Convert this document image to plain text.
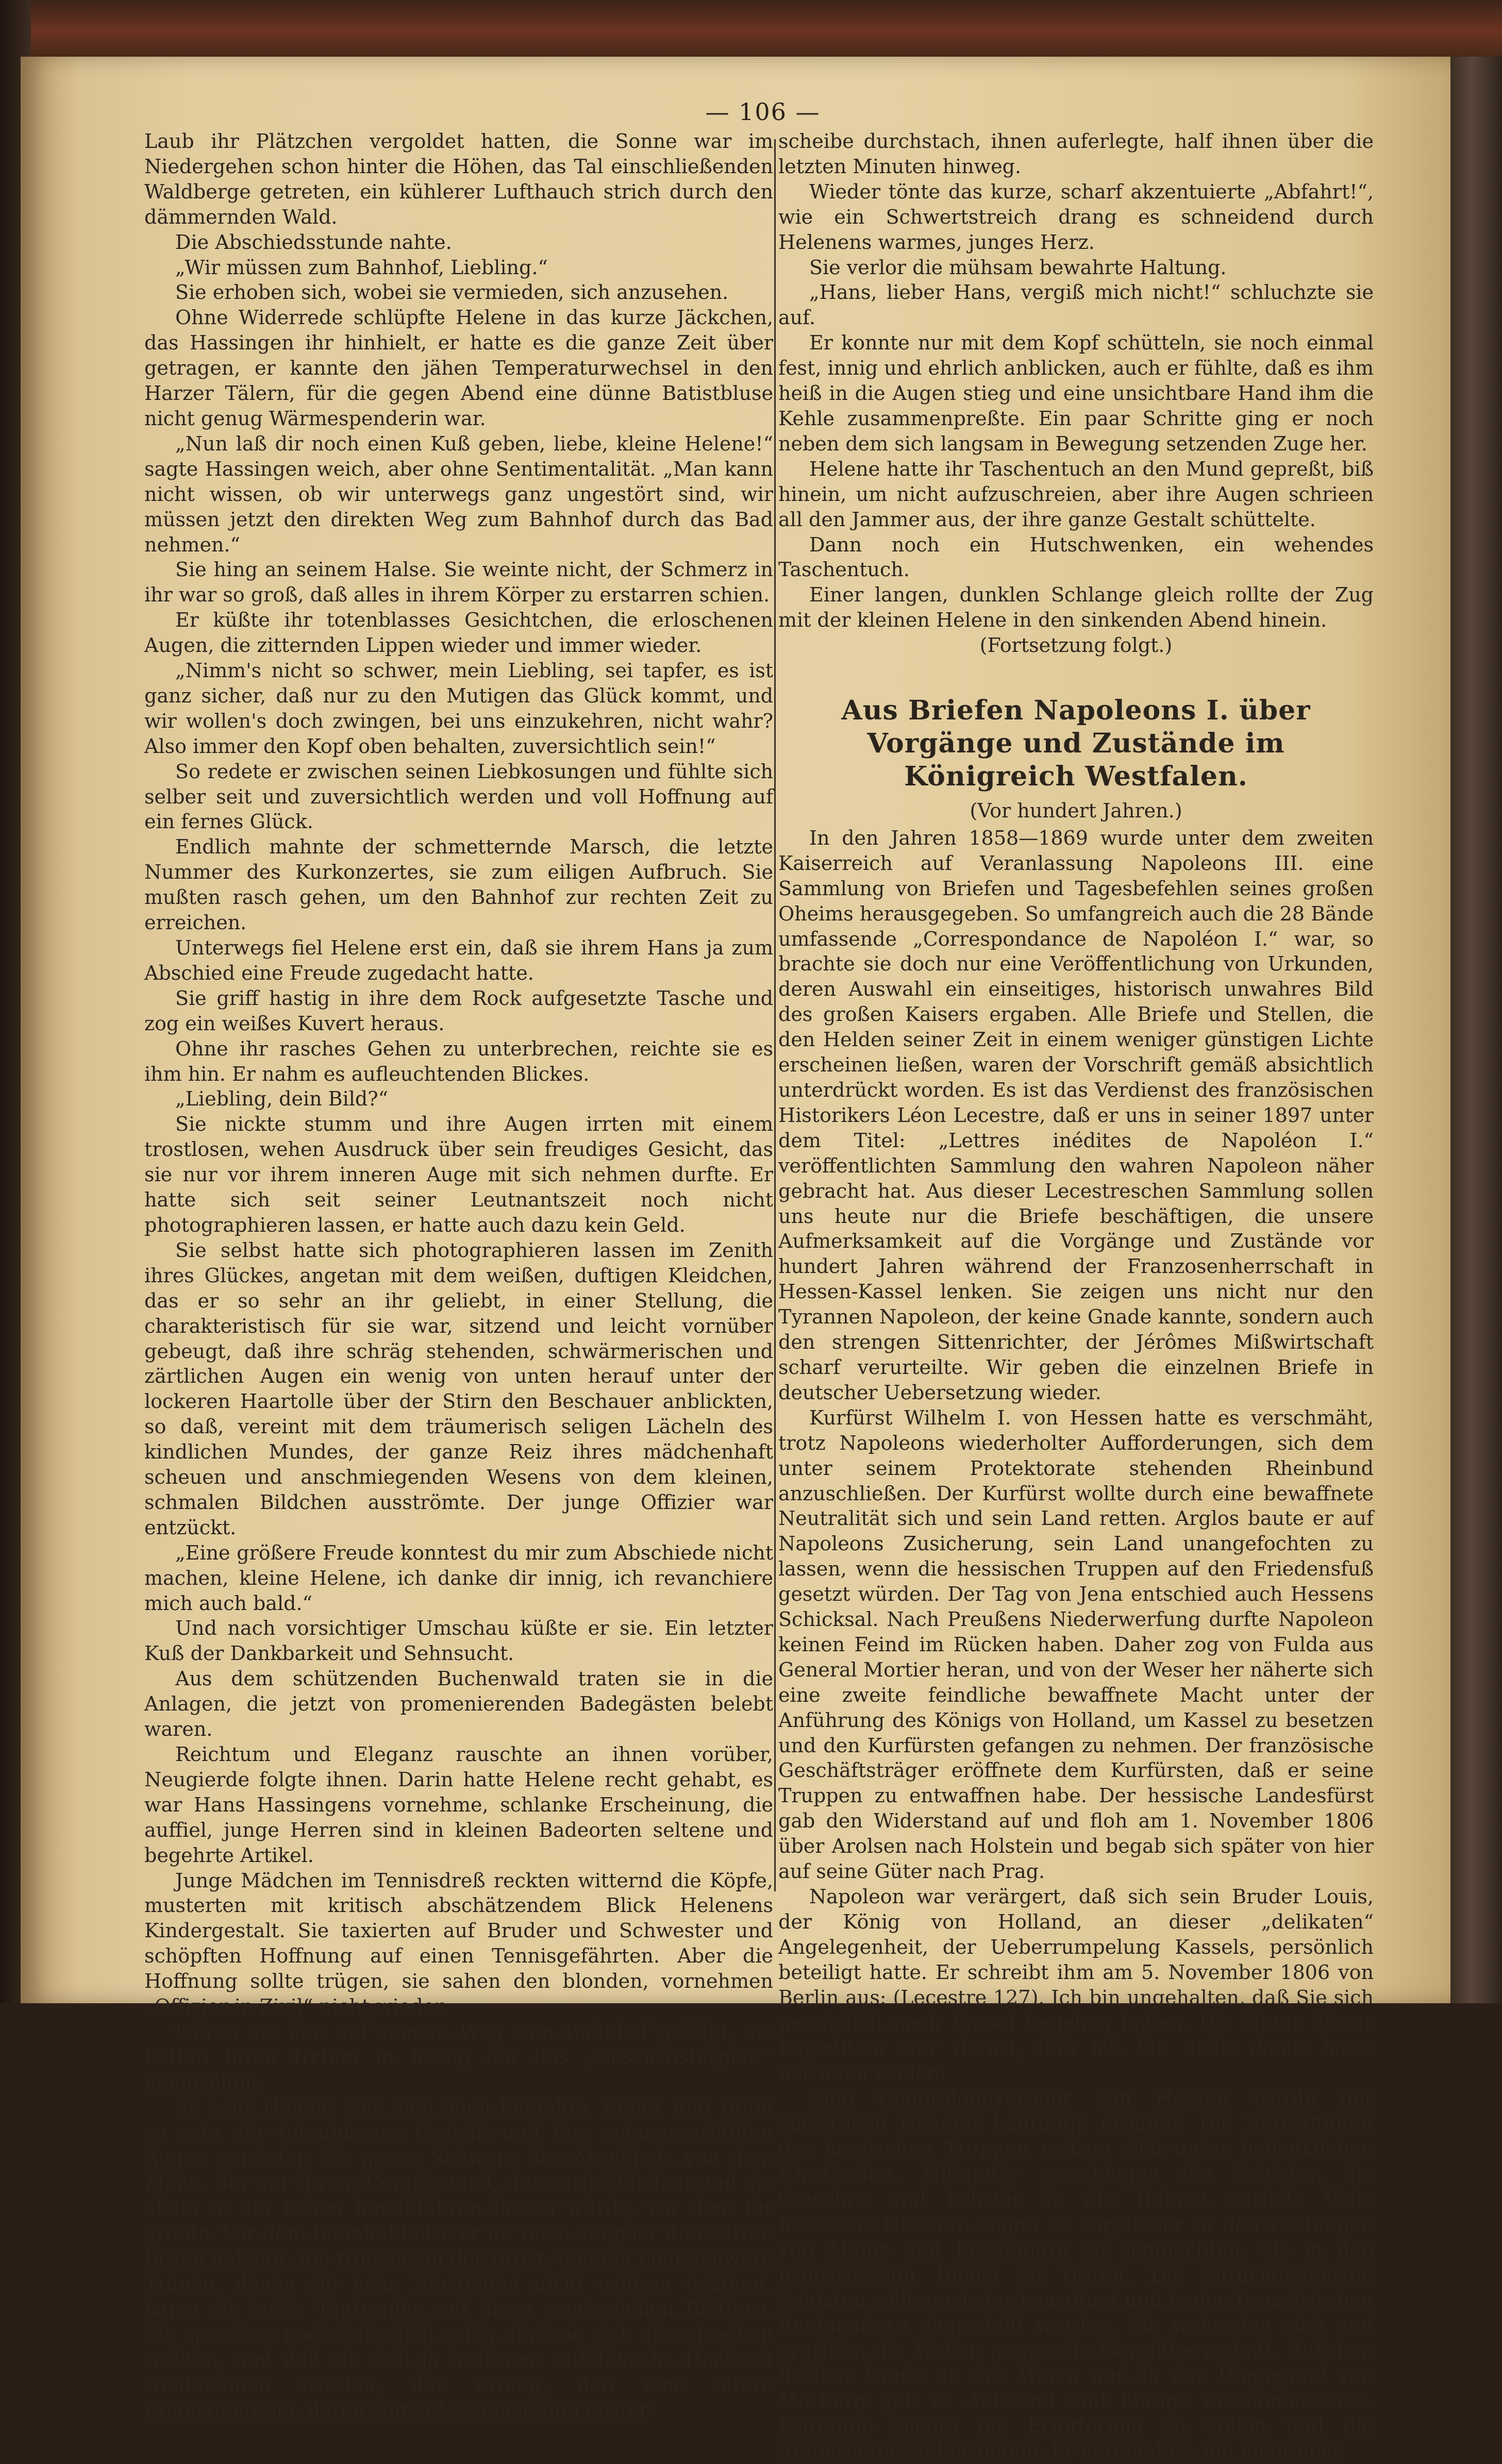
— 106 —

Laub ihr Plätzchen vergoldet hatten, die Sonne war im Niedergehen schon hinter die Höhen, das Tal einschließenden Waldberge getreten, ein kühlerer Lufthauch strich durch den dämmernden Wald.

Die Abschiedsstunde nahte.

„Wir müssen zum Bahnhof, Liebling.“

Sie erhoben sich, wobei sie vermieden, sich anzusehen.

Ohne Widerrede schlüpfte Helene in das kurze Jäckchen, das Hassingen ihr hinhielt, er hatte es die ganze Zeit über getragen, er kannte den jähen Temperaturwechsel in den Harzer Tälern, für die gegen Abend eine dünne Batistbluse nicht genug Wärmespenderin war.

„Nun laß dir noch einen Kuß geben, liebe, kleine Helene!“ sagte Hassingen weich, aber ohne Sentimentalität. „Man kann nicht wissen, ob wir unterwegs ganz ungestört sind, wir müssen jetzt den direkten Weg zum Bahnhof durch das Bad nehmen.“

Sie hing an seinem Halse. Sie weinte nicht, der Schmerz in ihr war so groß, daß alles in ihrem Körper zu erstarren schien.

Er küßte ihr totenblasses Gesichtchen, die erloschenen Augen, die zitternden Lippen wieder und immer wieder.

„Nimm's nicht so schwer, mein Liebling, sei tapfer, es ist ganz sicher, daß nur zu den Mutigen das Glück kommt, und wir wollen's doch zwingen, bei uns einzukehren, nicht wahr? Also immer den Kopf oben behalten, zuversichtlich sein!“

So redete er zwischen seinen Liebkosungen und fühlte sich selber seit und zuversichtlich werden und voll Hoffnung auf ein fernes Glück.

Endlich mahnte der schmetternde Marsch, die letzte Nummer des Kurkonzertes, sie zum eiligen Aufbruch. Sie mußten rasch gehen, um den Bahnhof zur rechten Zeit zu erreichen.

Unterwegs fiel Helene erst ein, daß sie ihrem Hans ja zum Abschied eine Freude zugedacht hatte.

Sie griff hastig in ihre dem Rock aufgesetzte Tasche und zog ein weißes Kuvert heraus.

Ohne ihr rasches Gehen zu unterbrechen, reichte sie es ihm hin. Er nahm es aufleuchtenden Blickes.

„Liebling, dein Bild?“

Sie nickte stumm und ihre Augen irrten mit einem trostlosen, wehen Ausdruck über sein freudiges Gesicht, das sie nur vor ihrem inneren Auge mit sich nehmen durfte. Er hatte sich seit seiner Leutnantszeit noch nicht photographieren lassen, er hatte auch dazu kein Geld.

Sie selbst hatte sich photographieren lassen im Zenith ihres Glückes, angetan mit dem weißen, duftigen Kleidchen, das er so sehr an ihr geliebt, in einer Stellung, die charakteristisch für sie war, sitzend und leicht vornüber gebeugt, daß ihre schräg stehenden, schwärmerischen und zärtlichen Augen ein wenig von unten herauf unter der lockeren Haartolle über der Stirn den Beschauer anblickten, so daß, vereint mit dem träumerisch seligen Lächeln des kindlichen Mundes, der ganze Reiz ihres mädchenhaft scheuen und anschmiegenden Wesens von dem kleinen, schmalen Bildchen ausströmte. Der junge Offizier war entzückt.

„Eine größere Freude konntest du mir zum Abschiede nicht machen, kleine Helene, ich danke dir innig, ich revanchiere mich auch bald.“

Und nach vorsichtiger Umschau küßte er sie. Ein letzter Kuß der Dankbarkeit und Sehnsucht.

Aus dem schützenden Buchenwald traten sie in die Anlagen, die jetzt von promenierenden Badegästen belebt waren.

Reichtum und Eleganz rauschte an ihnen vorüber, Neugierde folgte ihnen. Darin hatte Helene recht gehabt, es war Hans Hassingens vornehme, schlanke Erscheinung, die auffiel, junge Herren sind in kleinen Badeorten seltene und begehrte Artikel.

Junge Mädchen im Tennisdreß reckten witternd die Köpfe, musterten mit kritisch abschätzendem Blick Helenens Kindergestalt. Sie taxierten auf Bruder und Schwester und schöpften Hoffnung auf einen Tennisgefährten. Aber die Hoffnung sollte trügen, sie sahen den blonden, vornehmen „Offizier in Zivil“ nicht wieder.

Wären sie ihm auf seinem Weg zum Bahnhof gefolgt, sie hätten ihren Irrtum in bezug auf das „Geschwisterpaar“ eingesehen.

So sehr Helene Falk sich auch bemühte, tapfer und ruhig zu sein, ihr totenblasses Gesicht und ihre schmerzerfüllten Augen verrieten die ganze Schwere des Abschieds von dem Mann, der vor ihrem Coupé stand, der zurückbleiben und sie allein in ein Leben hineinfahren lassen würde, vor dem ihr graute. Vor dem Bahnhof hatte er ihr noch ein paar dunkelrote Rosen gekauft, die trug sie an der Brust, und ein paar schwere Tränen, denen sie beim Einsteigen nicht wehren gekonnt, lagen als heiße Tautropfen auf ihren samtweichen Blättern. Sie sprachen noch äußerlich ruhig, daß sie sich oft schreiben wollten, und daß sie sich ja bestimmt auf Eivachs Hochzeit wiedersehen würden, der Zwang, den eine ältere Coupégenossin, deren spitze Nase fast die Fenster-

scheibe durchstach, ihnen auferlegte, half ihnen über die letzten Minuten hinweg.

Wieder tönte das kurze, scharf akzentuierte „Abfahrt!“, wie ein Schwertstreich drang es schneidend durch Helenens warmes, junges Herz.

Sie verlor die mühsam bewahrte Haltung.

„Hans, lieber Hans, vergiß mich nicht!“ schluchzte sie auf.

Er konnte nur mit dem Kopf schütteln, sie noch einmal fest, innig und ehrlich anblicken, auch er fühlte, daß es ihm heiß in die Augen stieg und eine unsichtbare Hand ihm die Kehle zusammenpreßte. Ein paar Schritte ging er noch neben dem sich langsam in Bewegung setzenden Zuge her.

Helene hatte ihr Taschentuch an den Mund gepreßt, biß hinein, um nicht aufzuschreien, aber ihre Augen schrieen all den Jammer aus, der ihre ganze Gestalt schüttelte.

Dann noch ein Hutschwenken, ein wehendes Taschentuch.

Einer langen, dunklen Schlange gleich rollte der Zug mit der kleinen Helene in den sinkenden Abend hinein.

(Fortsetzung folgt.)

Aus Briefen Napoleons I. über Vorgänge und Zustände im Königreich Westfalen.

(Vor hundert Jahren.)

In den Jahren 1858—1869 wurde unter dem zweiten Kaiserreich auf Veranlassung Napoleons III. eine Sammlung von Briefen und Tagesbefehlen seines großen Oheims herausgegeben. So umfangreich auch die 28 Bände umfassende „Correspondance de Napoléon I.“ war, so brachte sie doch nur eine Veröffentlichung von Urkunden, deren Auswahl ein einseitiges, historisch unwahres Bild des großen Kaisers ergaben. Alle Briefe und Stellen, die den Helden seiner Zeit in einem weniger günstigen Lichte erscheinen ließen, waren der Vorschrift gemäß absichtlich unterdrückt worden. Es ist das Verdienst des französischen Historikers Léon Lecestre, daß er uns in seiner 1897 unter dem Titel: „Lettres inédites de Napoléon I.“ veröffentlichten Sammlung den wahren Napoleon näher gebracht hat. Aus dieser Lecestreschen Sammlung sollen uns heute nur die Briefe beschäftigen, die unsere Aufmerksamkeit auf die Vorgänge und Zustände vor hundert Jahren während der Franzosenherrschaft in Hessen-Kassel lenken. Sie zeigen uns nicht nur den Tyrannen Napoleon, der keine Gnade kannte, sondern auch den strengen Sittenrichter, der Jérômes Mißwirtschaft scharf verurteilte. Wir geben die einzelnen Briefe in deutscher Uebersetzung wieder.

Kurfürst Wilhelm I. von Hessen hatte es verschmäht, trotz Napoleons wiederholter Aufforderungen, sich dem unter seinem Protektorate stehenden Rheinbund anzuschließen. Der Kurfürst wollte durch eine bewaffnete Neutralität sich und sein Land retten. Arglos baute er auf Napoleons Zusicherung, sein Land unangefochten zu lassen, wenn die hessischen Truppen auf den Friedensfuß gesetzt würden. Der Tag von Jena entschied auch Hessens Schicksal. Nach Preußens Niederwerfung durfte Napoleon keinen Feind im Rücken haben. Daher zog von Fulda aus General Mortier heran, und von der Weser her näherte sich eine zweite feindliche bewaffnete Macht unter der Anführung des Königs von Holland, um Kassel zu besetzen und den Kurfürsten gefangen zu nehmen. Der französische Geschäftsträger eröffnete dem Kurfürsten, daß er seine Truppen zu entwaffnen habe. Der hessische Landesfürst gab den Widerstand auf und floh am 1. November 1806 über Arolsen nach Holstein und begab sich später von hier auf seine Güter nach Prag.

Napoleon war verärgert, daß sich sein Bruder Louis, der König von Holland, an dieser „delikaten“ Angelegenheit, der Ueberrumpelung Kassels, persönlich beteiligt hatte. Er schreibt ihm am 5. November 1806 von Berlin aus: (Lecestre 127). Ich bin ungehalten, daß Sie sich persönlich nach Kassel begeben haben. Die Natur dieser Expedition war derart, daß ich Sie nicht damit hatte betrauen wollen.

Zum Generalgouverneur von Hessen wurde der kaiserliche General Lagrange ernannt. Die Entwaffnung der hessischen Truppen vollzog sich unter bedenklichen Umständen. Mißmutig zerschlugen die Soldaten die Gewehre und kehrten in die Heimat zurück. Viele hessische Offiziere zogen es vor, lieber in den Festungen von Mainz und Luxemburg zu schmachten, als in den französischen Dienst zu treten. Die zurückgekehrten Soldaten sollten wieder bewaffnet und in den französischen Regimentern eingestellt werden. Sie weigerten sich und ergriffen die Waffen gegen die Gewaltherrschaft. Auf dem flachen Lande an der Werra und in der Umgegend von Marburg gab es Aufstand und blutige Zusammenstöße. Lagrange suchte die Erbitterung zu stillen und die Aufgeregten zu beruhigen. Er vermied es, um nicht noch
